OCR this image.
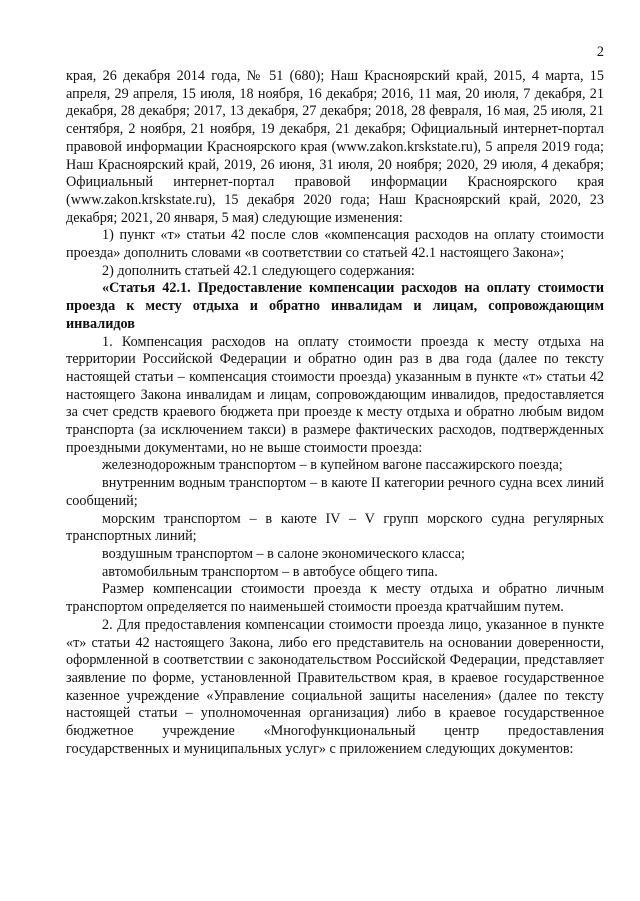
2

края, 26 декабря 2014 года, № 51 (680); Наш Красноярский край, 2015, 4 марта, 15 апреля, 29 апреля, 15 июля, 18 ноября, 16 декабря; 2016, 11 мая, 20 июля, 7 декабря, 21 декабря, 28 декабря; 2017, 13 декабря, 27 декабря; 2018, 28 февраля, 16 мая, 25 июля, 21 сентября, 2 ноября, 21 ноября, 19 декабря, 21 декабря; Официальный интернет-портал правовой информации Красноярского края (www.zakon.krskstate.ru), 5 апреля 2019 года; Наш Красноярский край, 2019, 26 июня, 31 июля, 20 ноября; 2020, 29 июля, 4 декабря; Официальный интернет-портал правовой информации Красноярского края (www.zakon.krskstate.ru), 15 декабря 2020 года; Наш Красноярский край, 2020, 23 декабря; 2021, 20 января, 5 мая) следующие изменения:

1) пункт «т» статьи 42 после слов «компенсация расходов на оплату стоимости проезда» дополнить словами «в соответствии со статьей 42.1 настоящего Закона»;

2) дополнить статьей 42.1 следующего содержания:

«Статья 42.1. Предоставление компенсации расходов на оплату стоимости проезда к месту отдыха и обратно инвалидам и лицам, сопровождающим инвалидов

1. Компенсация расходов на оплату стоимости проезда к месту отдыха на территории Российской Федерации и обратно один раз в два года (далее по тексту настоящей статьи – компенсация стоимости проезда) указанным в пункте «т» статьи 42 настоящего Закона инвалидам и лицам, сопровождающим инвалидов, предоставляется за счет средств краевого бюджета при проезде к месту отдыха и обратно любым видом транспорта (за исключением такси) в размере фактических расходов, подтвержденных проездными документами, но не выше стоимости проезда:

железнодорожным транспортом – в купейном вагоне пассажирского поезда;

внутренним водным транспортом – в каюте II категории речного судна всех линий сообщений;

морским транспортом – в каюте IV – V групп морского судна регулярных транспортных линий;

воздушным транспортом – в салоне экономического класса;

автомобильным транспортом – в автобусе общего типа.

Размер компенсации стоимости проезда к месту отдыха и обратно личным транспортом определяется по наименьшей стоимости проезда кратчайшим путем.

2. Для предоставления компенсации стоимости проезда лицо, указанное в пункте «т» статьи 42 настоящего Закона, либо его представитель на основании доверенности, оформленной в соответствии с законодательством Российской Федерации, представляет заявление по форме, установленной Правительством края, в краевое государственное казенное учреждение «Управление социальной защиты населения» (далее по тексту настоящей статьи – уполномоченная организация) либо в краевое государственное бюджетное учреждение «Многофункциональный центр предоставления государственных и муниципальных услуг» с приложением следующих документов:
